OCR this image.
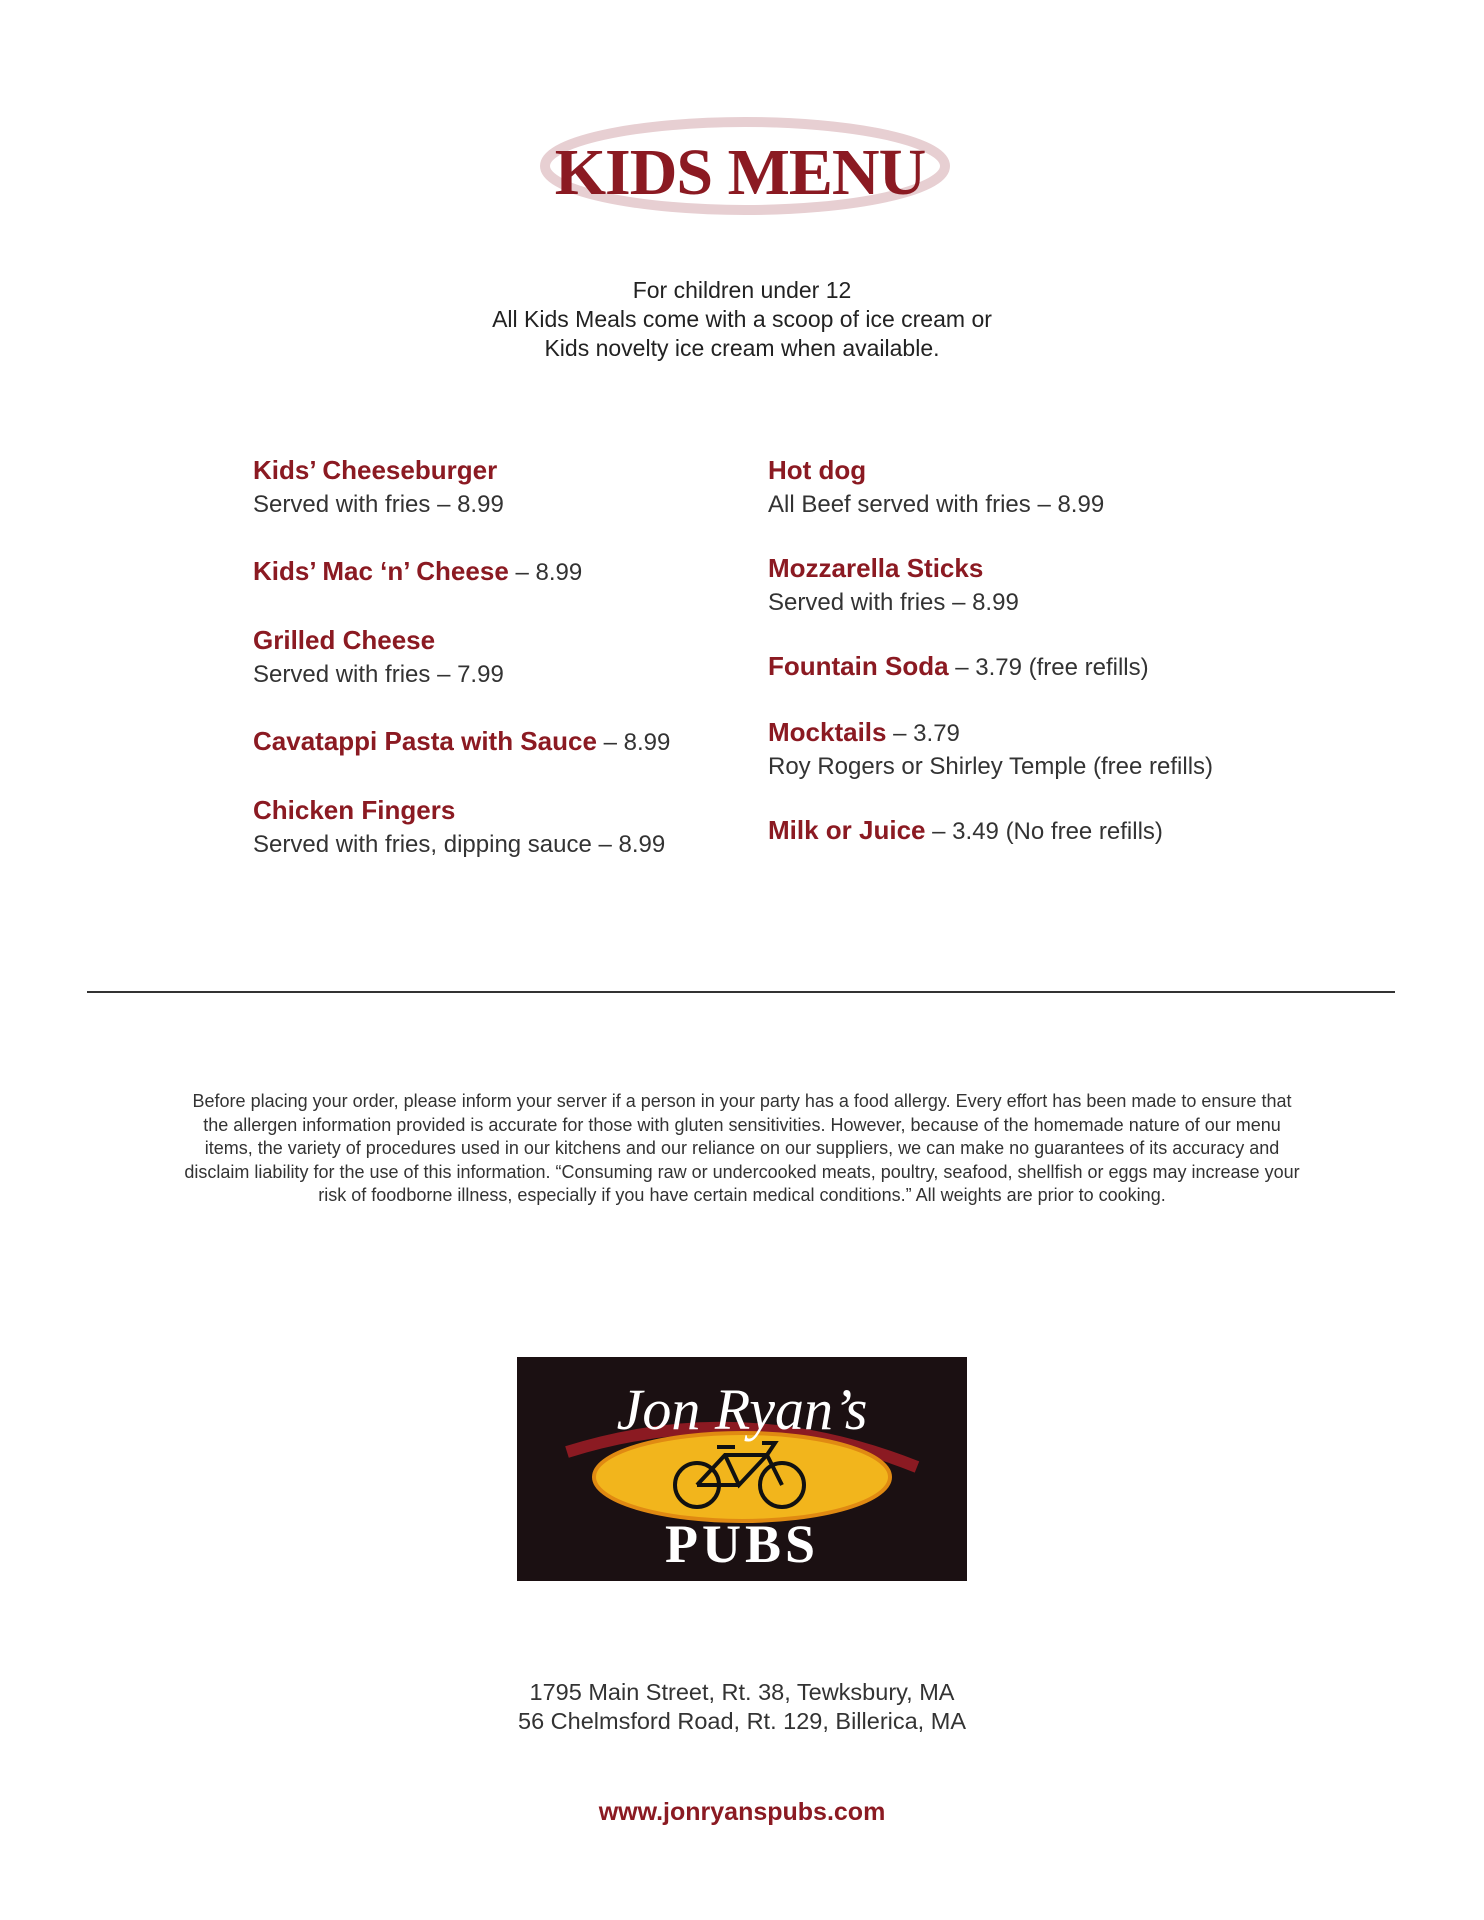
KIDS MENU
For children under 12
All Kids Meals come with a scoop of ice cream or
Kids novelty ice cream when available.
Kids’ Cheeseburger
Served with fries – 8.99
Kids’ Mac ‘n’ Cheese – 8.99
Grilled Cheese
Served with fries – 7.99
Cavatappi Pasta with Sauce – 8.99
Chicken Fingers
Served with fries, dipping sauce – 8.99
Hot dog
All Beef served with fries – 8.99
Mozzarella Sticks
Served with fries – 8.99
Fountain Soda – 3.79 (free refills)
Mocktails – 3.79
Roy Rogers or Shirley Temple (free refills)
Milk or Juice – 3.49 (No free refills)
Before placing your order, please inform your server if a person in your party has a food allergy. Every effort has been made to ensure that the allergen information provided is accurate for those with gluten sensitivities. However, because of the homemade nature of our menu items, the variety of procedures used in our kitchens and our reliance on our suppliers, we can make no guarantees of its accuracy and disclaim liability for the use of this information. “Consuming raw or undercooked meats, poultry, seafood, shellfish or eggs may increase your risk of foodborne illness, especially if you have certain medical conditions.” All weights are prior to cooking.
Jon Ryan’s
PUBS
1795 Main Street, Rt. 38, Tewksbury, MA
56 Chelmsford Road, Rt. 129, Billerica, MA
www.jonryanspubs.com
